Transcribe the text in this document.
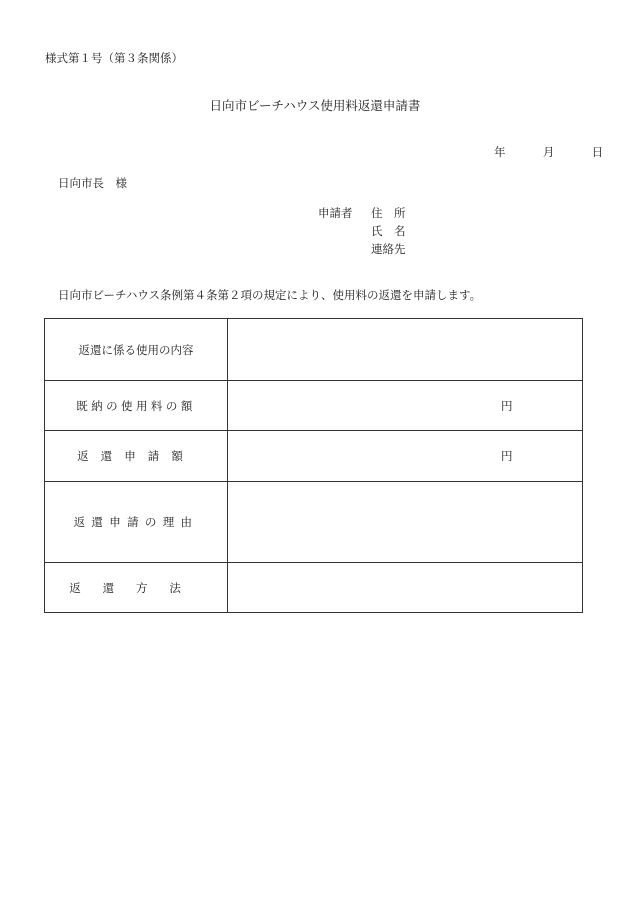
様式第１号（第３条関係）
日向市ビーチハウス使用料返還申請書
年	月	日
日向市長　様
申請者 住　所
氏　名
連絡先
日向市ビーチハウス条例第４条第２項の規定により、使用料の返還を申請します。
返還に係る使用の内容	
既納の使用料の額	円

返還申請額	円

返還申請の理由	
返還方法	
